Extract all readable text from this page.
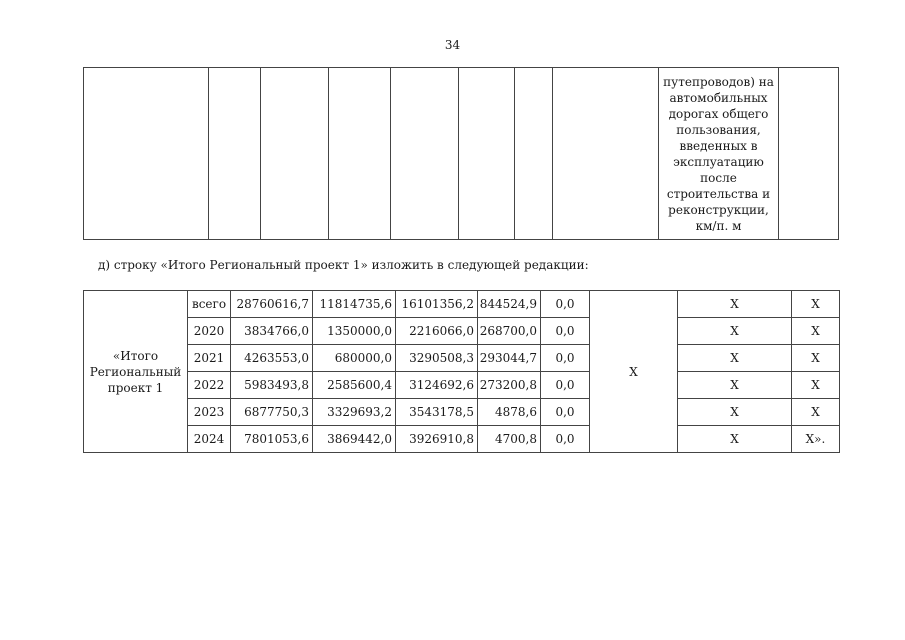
34
								путепроводов) на автомобильных дорогах общего пользования, введенных в эксплуатацию после строительства и реконструкции, км/п. м	
д) строку «Итого Региональный проект 1» изложить в следующей редакции:
«Итого Региональный проект 1	всего	28760616,7	11814735,6	16101356,2	844524,9	0,0	Х	Х	Х
	2020	3834766,0	1350000,0	2216066,0	268700,0	0,0		Х	Х
	2021	4263553,0	680000,0	3290508,3	293044,7	0,0		Х	Х
	2022	5983493,8	2585600,4	3124692,6	273200,8	0,0		Х	Х
	2023	6877750,3	3329693,2	3543178,5	4878,6	0,0		Х	Х
	2024	7801053,6	3869442,0	3926910,8	4700,8	0,0		Х	Х».
